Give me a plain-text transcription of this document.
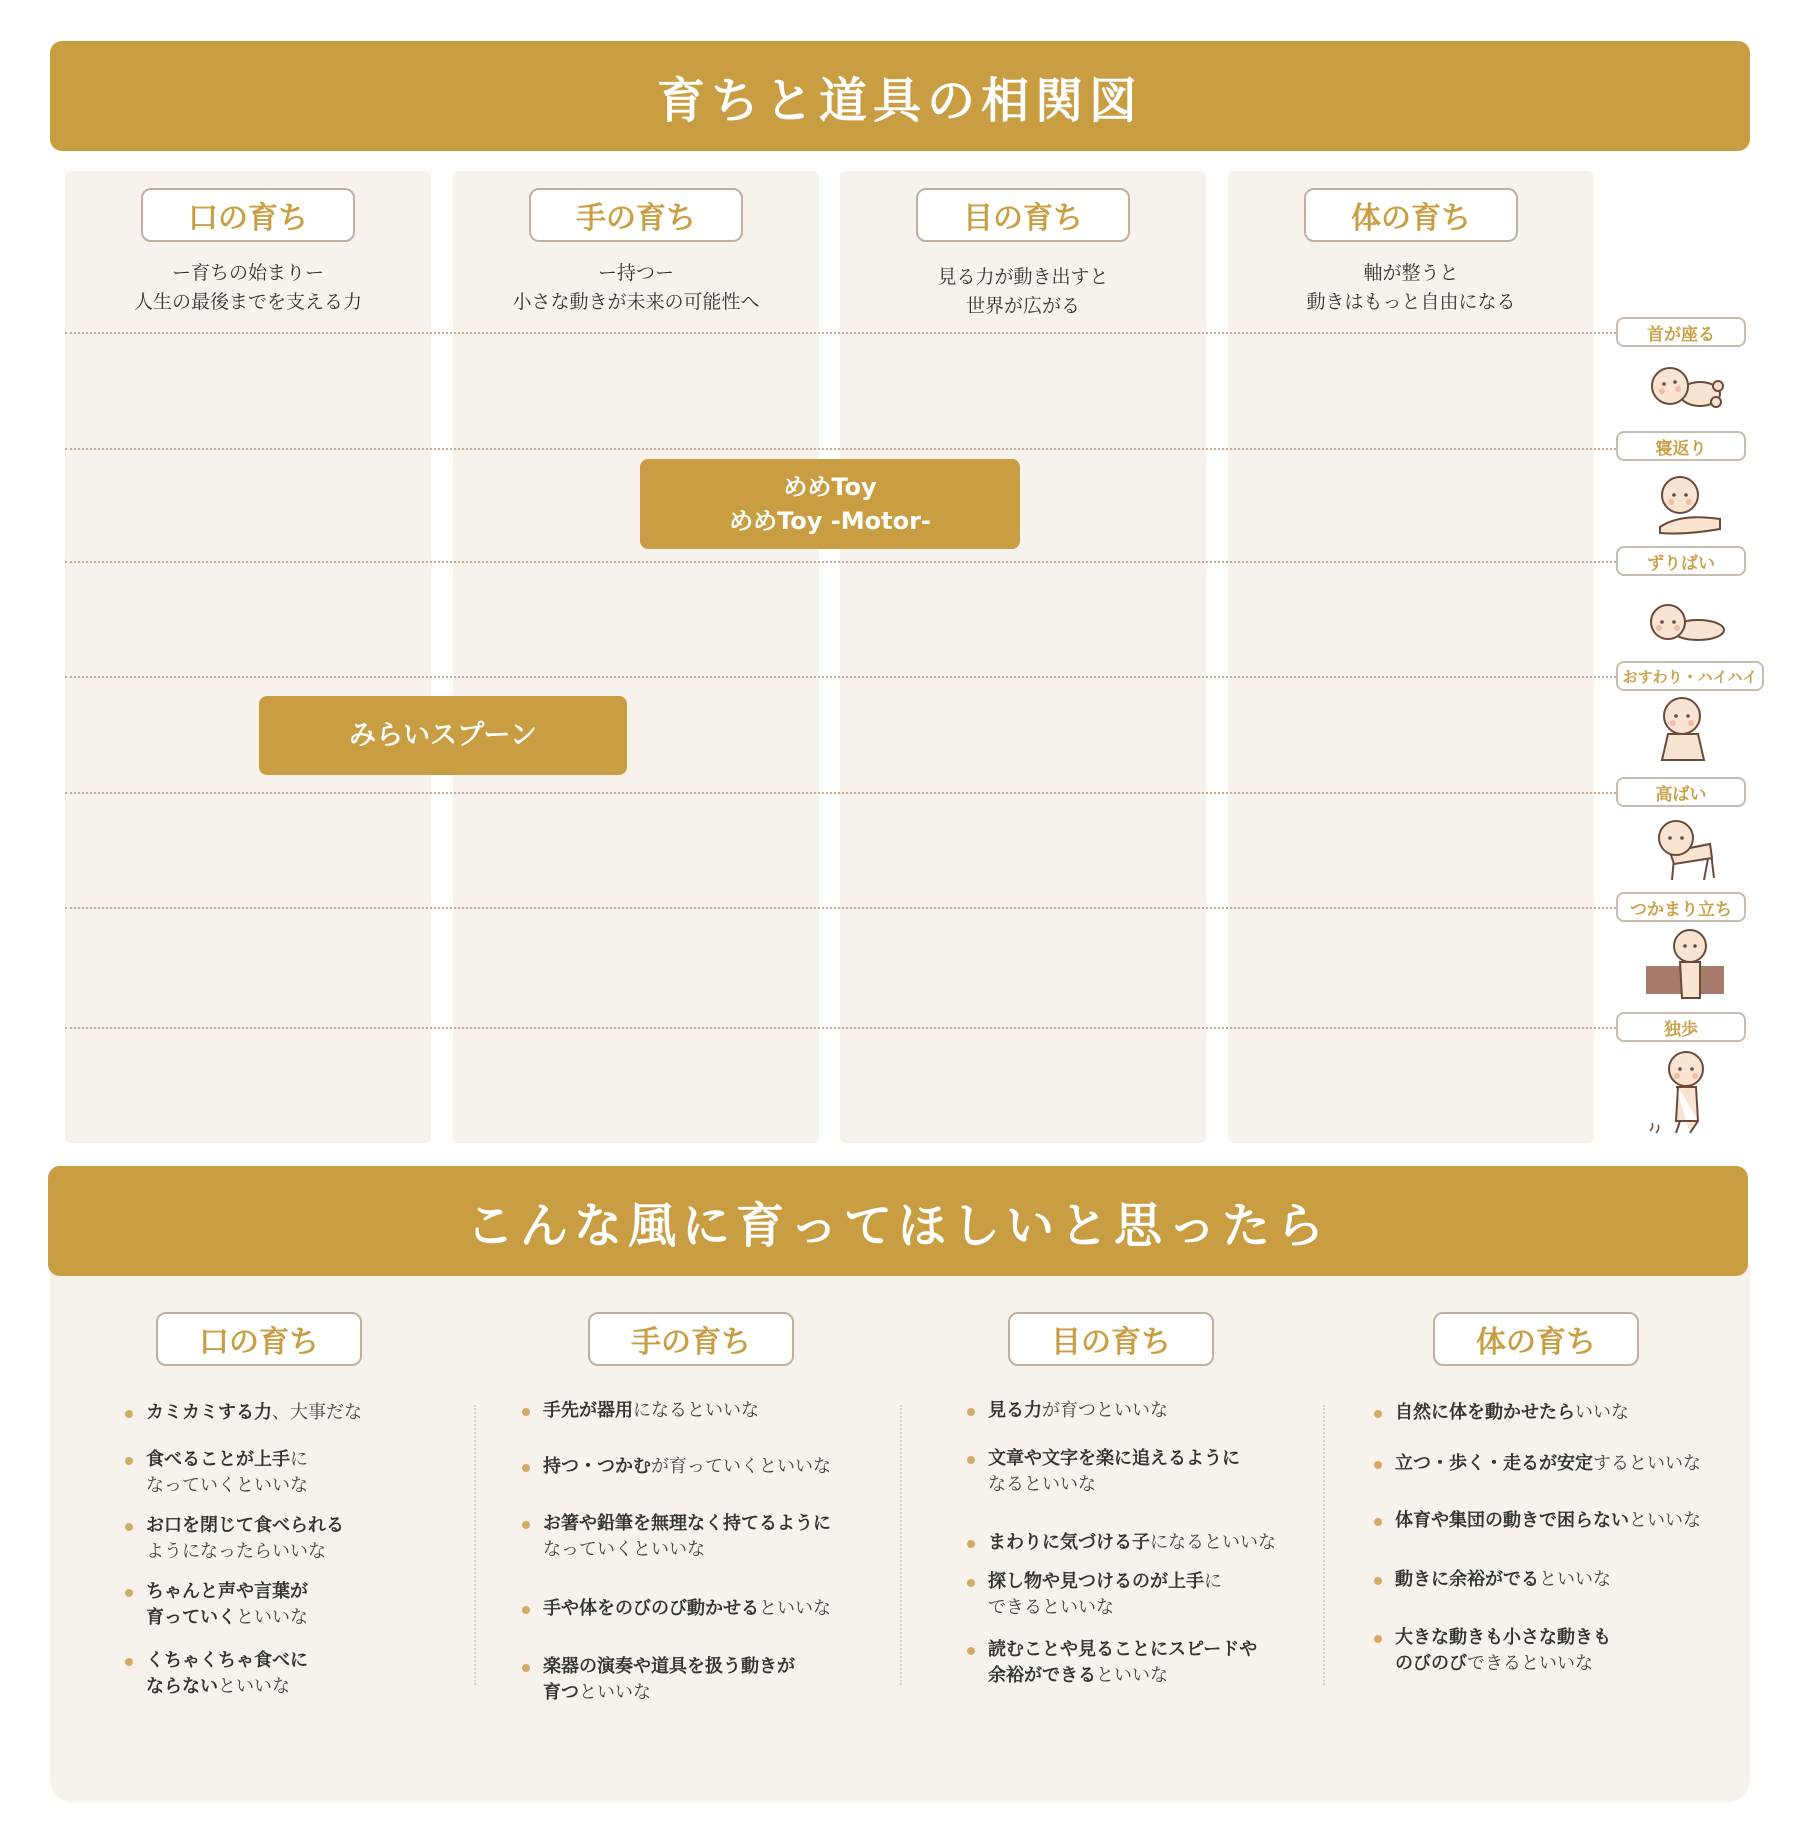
育ちと道具の相関図
口の育ち
ー育ちの始まりー
人生の最後までを支える力
手の育ち
ー持つー
小さな動きが未来の可能性へ
目の育ち
見る力が動き出すと
世界が広がる
体の育ち
軸が整うと
動きはもっと自由になる
首が座る
寝返り
ずりばい
おすわり・ハイハイ
高ばい
つかまり立ち
独歩
めめToy
めめToy -Motor-
みらいスプーン
こんな風に育ってほしいと思ったら
口の育ち	手の育ち	目の育ち	体の育ち
カミカミする力、大事だな
食べることが上手に
なっていくといいな
お口を閉じて食べられる
ようになったらいいな
ちゃんと声や言葉が
育っていくといいな
くちゃくちゃ食べに
ならないといいな
手先が器用になるといいな
持つ・つかむが育っていくといいな
お箸や鉛筆を無理なく持てるように
なっていくといいな
手や体をのびのび動かせるといいな
楽器の演奏や道具を扱う動きが
育つといいな
見る力が育つといいな
文章や文字を楽に追えるように
なるといいな
まわりに気づける子になるといいな
探し物や見つけるのが上手に
できるといいな
読むことや見ることにスピードや
余裕ができるといいな
自然に体を動かせたらいいな
立つ・歩く・走るが安定するといいな
体育や集団の動きで困らないといいな
動きに余裕がでるといいな
大きな動きも小さな動きも
のびのびできるといいな
